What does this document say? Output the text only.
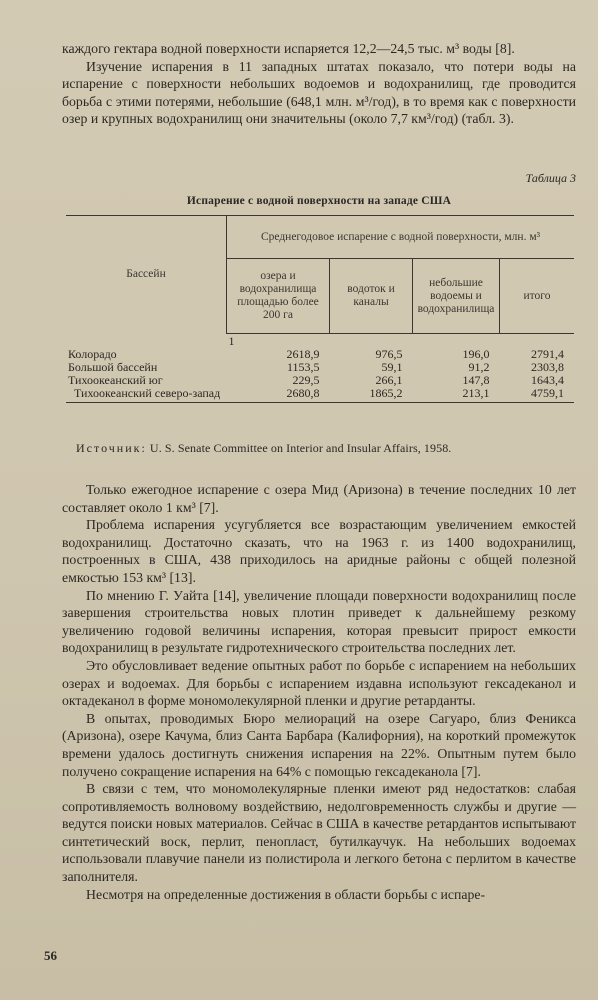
каждого гектара водной поверхности испаряется 12,2—24,5 тыс. м³ воды [8].

Изучение испарения в 11 западных штатах показало, что потери воды на испарение с поверхности небольших водоемов и водохранилищ, где проводится борьба с этими потерями, небольшие (648,1 млн. м³/год), в то время как с поверхности озер и крупных водохранилищ они значительны (около 7,7 км³/год) (табл. 3).

Таблица 3
Испарение с водной поверхности на западе США
Бассейн	Среднегодовое испарение с водной поверхности, млн. м³			
	озера и водохранилища площадью более 200 га	водоток и каналы	небольшие водоемы и водохранилища	итого
	1			
Колорадо	2618,9	976,5	196,0	2791,4
Большой бассейн	1153,5	59,1	91,2	2303,8
Тихоокеанский юг	229,5	266,1	147,8	1643,4
Тихоокеанский северо-запад	2680,8	1865,2	213,1	4759,1
Источник: U. S. Senate Committee on Interior and Insular Affairs, 1958.

Только ежегодное испарение с озера Мид (Аризона) в течение последних 10 лет составляет около 1 км³ [7].

Проблема испарения усугубляется все возрастающим увеличением емкостей водохранилищ. Достаточно сказать, что на 1963 г. из 1400 водохранилищ, построенных в США, 438 приходилось на аридные районы с общей полезной емкостью 153 км³ [13].

По мнению Г. Уайта [14], увеличение площади поверхности водохранилищ после завершения строительства новых плотин приведет к дальнейшему резкому увеличению годовой величины испарения, которая превысит прирост емкости водохранилищ в результате гидротехнического строительства последних лет.

Это обусловливает ведение опытных работ по борьбе с испарением на небольших озерах и водоемах. Для борьбы с испарением издавна используют гексадеканол и октадеканол в форме мономолекулярной пленки и другие ретарданты.

В опытах, проводимых Бюро мелиораций на озере Сагуаро, близ Феникса (Аризона), озере Качума, близ Санта Барбара (Калифорния), на короткий промежуток времени удалось достигнуть снижения испарения на 22%. Опытным путем было получено сокращение испарения на 64% с помощью гексадеканола [7].

В связи с тем, что мономолекулярные пленки имеют ряд недостатков: слабая сопротивляемость волновому воздействию, недолговременность службы и другие — ведутся поиски новых материалов. Сейчас в США в качестве ретардантов испытывают синтетический воск, перлит, пенопласт, бутилкаучук. На небольших водоемах использовали плавучие панели из полистирола и легкого бетона с перлитом в качестве заполнителя.

Несмотря на определенные достижения в области борьбы с испаре-

56
